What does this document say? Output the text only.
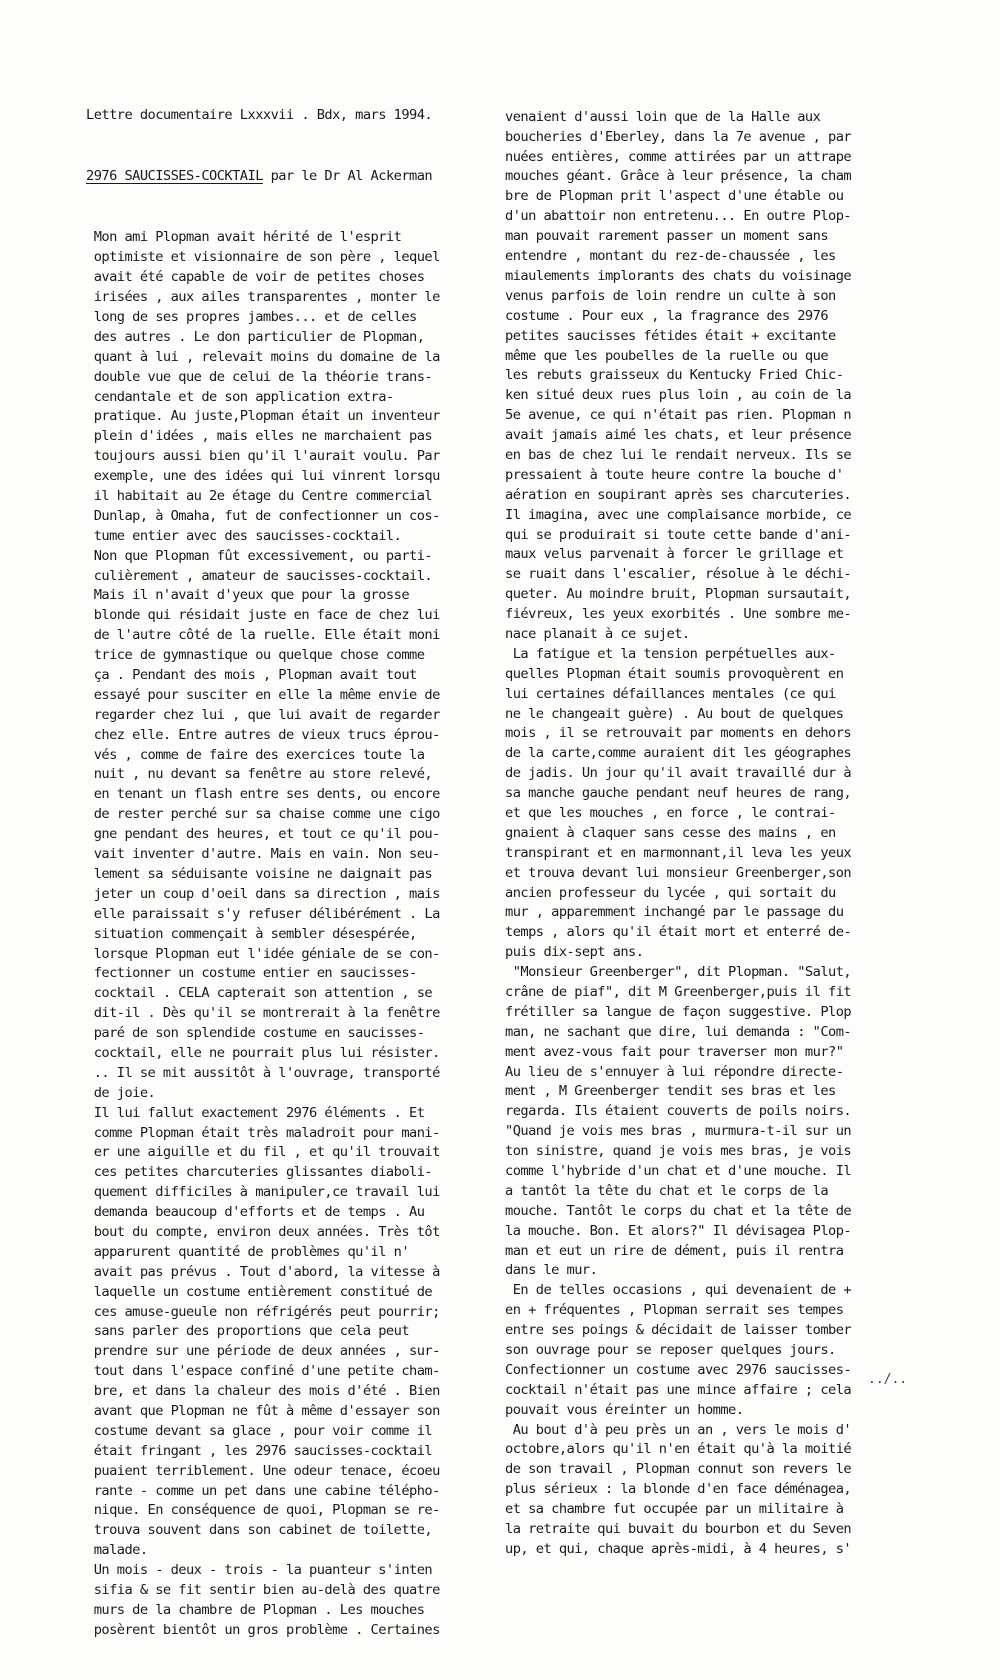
Lettre documentaire Lxxxvii . Bdx, mars 1994.

2976 SAUCISSES-COCKTAIL par le Dr Al Ackerman

Mon ami Plopman avait hérité de l'esprit
optimiste et visionnaire de son père , lequel
avait été capable de voir de petites choses
irisées , aux ailes transparentes , monter le
long de ses propres jambes... et de celles
des autres . Le don particulier de Plopman,
quant à lui , relevait moins du domaine de la
double vue que de celui de la théorie trans-
cendantale et de son application extra-
pratique. Au juste,Plopman était un inventeur
plein d'idées , mais elles ne marchaient pas
toujours aussi bien qu'il l'aurait voulu. Par
exemple, une des idées qui lui vinrent lorsqu
il habitait au 2e étage du Centre commercial
Dunlap, à Omaha, fut de confectionner un cos-
tume entier avec des saucisses-cocktail.
Non que Plopman fût excessivement, ou parti-
culièrement , amateur de saucisses-cocktail.
Mais il n'avait d'yeux que pour la grosse
blonde qui résidait juste en face de chez lui
de l'autre côté de la ruelle. Elle était moni
trice de gymnastique ou quelque chose comme
ça . Pendant des mois , Plopman avait tout
essayé pour susciter en elle la même envie de
regarder chez lui , que lui avait de regarder
chez elle. Entre autres de vieux trucs éprou-
vés , comme de faire des exercices toute la
nuit , nu devant sa fenêtre au store relevé,
en tenant un flash entre ses dents, ou encore
de rester perché sur sa chaise comme une cigo
gne pendant des heures, et tout ce qu'il pou-
vait inventer d'autre. Mais en vain. Non seu-
lement sa séduisante voisine ne daignait pas
jeter un coup d'oeil dans sa direction , mais
elle paraissait s'y refuser délibérément . La
situation commençait à sembler désespérée,
lorsque Plopman eut l'idée géniale de se con-
fectionner un costume entier en saucisses-
cocktail . CELA capterait son attention , se
dit-il . Dès qu'il se montrerait à la fenêtre
paré de son splendide costume en saucisses-
cocktail, elle ne pourrait plus lui résister.
.. Il se mit aussitôt à l'ouvrage, transporté
de joie.
Il lui fallut exactement 2976 éléments . Et
comme Plopman était très maladroit pour mani-
er une aiguille et du fil , et qu'il trouvait
ces petites charcuteries glissantes diaboli-
quement difficiles à manipuler,ce travail lui
demanda beaucoup d'efforts et de temps . Au
bout du compte, environ deux années. Très tôt
apparurent quantité de problèmes qu'il n'
avait pas prévus . Tout d'abord, la vitesse à
laquelle un costume entièrement constitué de
ces amuse-gueule non réfrigérés peut pourrir;
sans parler des proportions que cela peut
prendre sur une période de deux années , sur-
tout dans l'espace confiné d'une petite cham-
bre, et dans la chaleur des mois d'été . Bien
avant que Plopman ne fût à même d'essayer son
costume devant sa glace , pour voir comme il
était fringant , les 2976 saucisses-cocktail
puaient terriblement. Une odeur tenace, écoeu
rante - comme un pet dans une cabine télépho-
nique. En conséquence de quoi, Plopman se re-
trouva souvent dans son cabinet de toilette,
malade.
Un mois - deux - trois - la puanteur s'inten
sifia & se fit sentir bien au-delà des quatre
murs de la chambre de Plopman . Les mouches
posèrent bientôt un gros problème . Certaines

venaient d'aussi loin que de la Halle aux
boucheries d'Eberley, dans la 7e avenue , par
nuées entières, comme attirées par un attrape
mouches géant. Grâce à leur présence, la cham
bre de Plopman prit l'aspect d'une étable ou
d'un abattoir non entretenu... En outre Plop-
man pouvait rarement passer un moment sans
entendre , montant du rez-de-chaussée , les
miaulements implorants des chats du voisinage
venus parfois de loin rendre un culte à son
costume . Pour eux , la fragrance des 2976
petites saucisses fétides était + excitante
même que les poubelles de la ruelle ou que
les rebuts graisseux du Kentucky Fried Chic-
ken situé deux rues plus loin , au coin de la
5e avenue, ce qui n'était pas rien. Plopman n
avait jamais aimé les chats, et leur présence
en bas de chez lui le rendait nerveux. Ils se
pressaient à toute heure contre la bouche d'
aération en soupirant après ses charcuteries.
Il imagina, avec une complaisance morbide, ce
qui se produirait si toute cette bande d'ani-
maux velus parvenait à forcer le grillage et
se ruait dans l'escalier, résolue à le déchi-
queter. Au moindre bruit, Plopman sursautait,
fiévreux, les yeux exorbités . Une sombre me-
nace planait à ce sujet.
La fatigue et la tension perpétuelles aux-
quelles Plopman était soumis provoquèrent en
lui certaines défaillances mentales (ce qui
ne le changeait guère) . Au bout de quelques
mois , il se retrouvait par moments en dehors
de la carte,comme auraient dit les géographes
de jadis. Un jour qu'il avait travaillé dur à
sa manche gauche pendant neuf heures de rang,
et que les mouches , en force , le contrai-
gnaient à claquer sans cesse des mains , en
transpirant et en marmonnant,il leva les yeux
et trouva devant lui monsieur Greenberger,son
ancien professeur du lycée , qui sortait du
mur , apparemment inchangé par le passage du
temps , alors qu'il était mort et enterré de-
puis dix-sept ans.
"Monsieur Greenberger", dit Plopman. "Salut,
crâne de piaf", dit M Greenberger,puis il fit
frétiller sa langue de façon suggestive. Plop
man, ne sachant que dire, lui demanda : "Com-
ment avez-vous fait pour traverser mon mur?"
Au lieu de s'ennuyer à lui répondre directe-
ment , M Greenberger tendit ses bras et les
regarda. Ils étaient couverts de poils noirs.
"Quand je vois mes bras , murmura-t-il sur un
ton sinistre, quand je vois mes bras, je vois
comme l'hybride d'un chat et d'une mouche. Il
a tantôt la tête du chat et le corps de la
mouche. Tantôt le corps du chat et la tête de
la mouche. Bon. Et alors?" Il dévisagea Plop-
man et eut un rire de dément, puis il rentra
dans le mur.
En de telles occasions , qui devenaient de +
en + fréquentes , Plopman serrait ses tempes
entre ses poings & décidait de laisser tomber
son ouvrage pour se reposer quelques jours.
Confectionner un costume avec 2976 saucisses-
cocktail n'était pas une mince affaire ; cela
pouvait vous éreinter un homme.
Au bout d'à peu près un an , vers le mois d'
octobre,alors qu'il n'en était qu'à la moitié
de son travail , Plopman connut son revers le
plus sérieux : la blonde d'en face déménagea,
et sa chambre fut occupée par un militaire à
la retraite qui buvait du bourbon et du Seven
up, et qui, chaque après-midi, à 4 heures, s'

../..
